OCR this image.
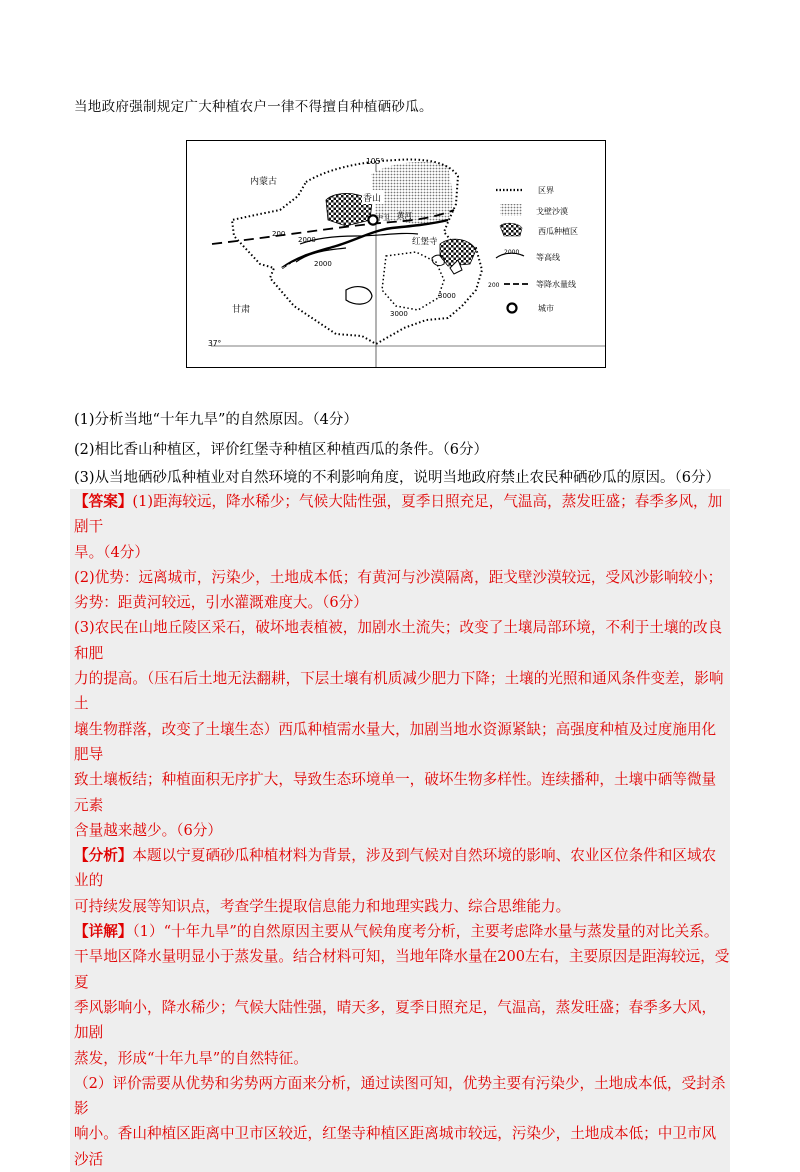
当地政府强制规定广大种植农户一律不得擅自种植硒砂瓜。
内蒙古
105°
香山
中卫 黄河
红堡寺
甘肃
37°
200
2000
2000
3000
3000
区界
戈壁沙漠
西瓜种植区
2000
等高线
200	等降水量线
城市
(1)分析当地“十年九旱”的自然原因。（4分）
(2)相比香山种植区，评价红堡寺种植区种植西瓜的条件。（6分）
(3)从当地硒砂瓜种植业对自然环境的不利影响角度，说明当地政府禁止农民种硒砂瓜的原因。（6分）

【答案】(1)距海较远，降水稀少；气候大陆性强，夏季日照充足，气温高，蒸发旺盛；春季多风，加剧干

旱。（4分）

(2)优势：远离城市，污染少，土地成本低；有黄河与沙漠隔离，距戈壁沙漠较远，受风沙影响较小；

劣势：距黄河较远，引水灌溉难度大。（6分）

(3)农民在山地丘陵区采石，破坏地表植被，加剧水土流失；改变了土壤局部环境，不利于土壤的改良和肥

力的提高。（压石后土地无法翻耕，下层土壤有机质减少肥力下降；土壤的光照和通风条件变差，影响土

壤生物群落，改变了土壤生态）西瓜种植需水量大，加剧当地水资源紧缺；高强度种植及过度施用化肥导

致土壤板结；种植面积无序扩大，导致生态环境单一，破坏生物多样性。连续播种，土壤中硒等微量元素

含量越来越少。（6分）

【分析】本题以宁夏硒砂瓜种植材料为背景，涉及到气候对自然环境的影响、农业区位条件和区域农业的

可持续发展等知识点，考查学生提取信息能力和地理实践力、综合思维能力。

【详解】（1）“十年九旱”的自然原因主要从气候角度考分析，主要考虑降水量与蒸发量的对比关系。

干旱地区降水量明显小于蒸发量。结合材料可知，当地年降水量在200左右，主要原因是距海较远，受夏

季风影响小，降水稀少；气候大陆性强，晴天多，夏季日照充足，气温高，蒸发旺盛；春季多大风，加剧

蒸发，形成“十年九旱”的自然特征。

（2）评价需要从优势和劣势两方面来分析，通过读图可知，优势主要有污染少，土地成本低，受封杀影

响小。香山种植区距离中卫市区较近，红堡寺种植区距离城市较远，污染少，土地成本低；中卫市风沙活
